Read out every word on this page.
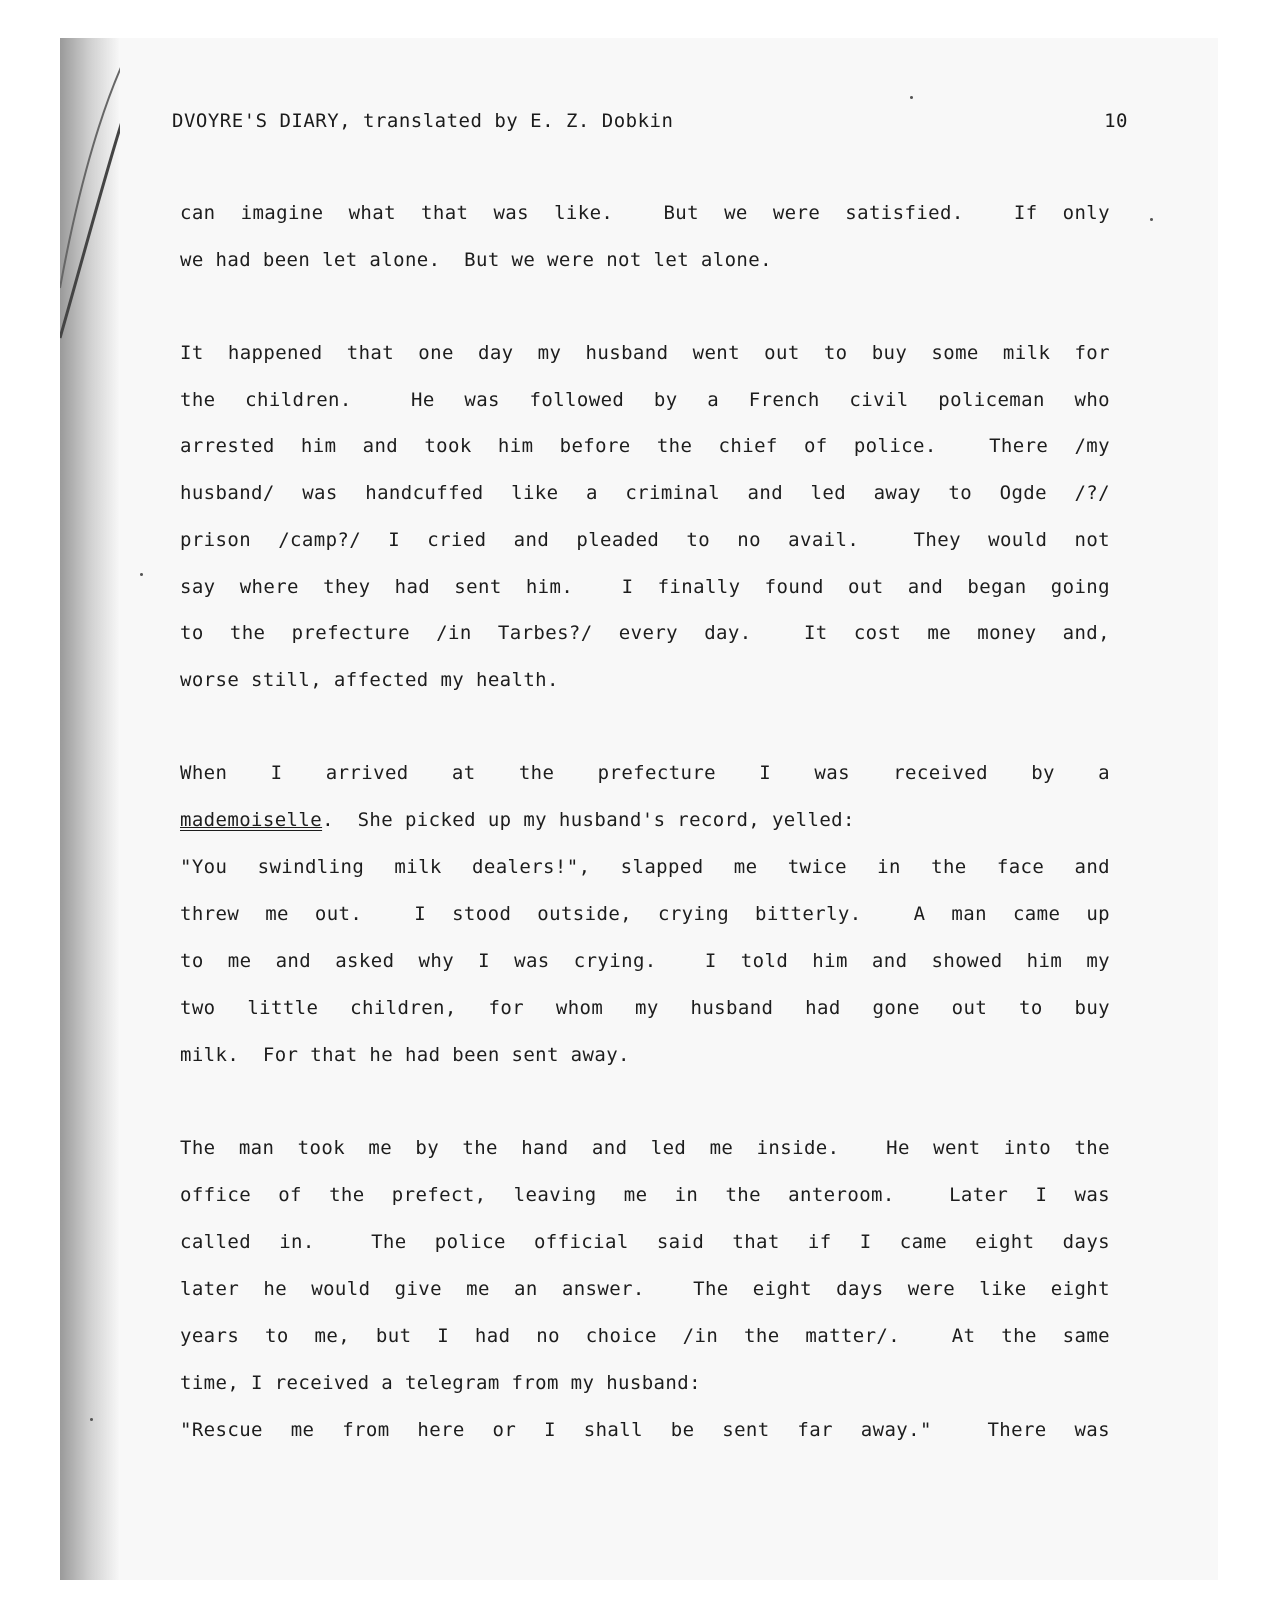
DVOYRE'S DIARY, translated by E. Z. Dobkin	10
can imagine what that was like.  But we were satisfied.  If only
we had been let alone.  But we were not let alone.
It happened that one day my husband went out to buy some milk for
the children.  He was followed by a French civil policeman who
arrested him and took him before the chief of police.  There /my
husband/ was handcuffed like a criminal and led away to Ogde /?/
prison /camp?/ I cried and pleaded to no avail.  They would not
say where they had sent him.  I finally found out and began going
to the prefecture /in Tarbes?/ every day.  It cost me money and,
worse still, affected my health.
When I arrived at the prefecture I was received by a
mademoiselle.  She picked up my husband's record, yelled:
"You swindling milk dealers!", slapped me twice in the face and
threw me out.  I stood outside, crying bitterly.  A man came up
to me and asked why I was crying.  I told him and showed him my
two little children, for whom my husband had gone out to buy
milk.  For that he had been sent away.
The man took me by the hand and led me inside.  He went into the
office of the prefect, leaving me in the anteroom.  Later I was
called in.  The police official said that if I came eight days
later he would give me an answer.  The eight days were like eight
years to me, but I had no choice /in the matter/.  At the same
time, I received a telegram from my husband:
"Rescue me from here or I shall be sent far away."  There was
